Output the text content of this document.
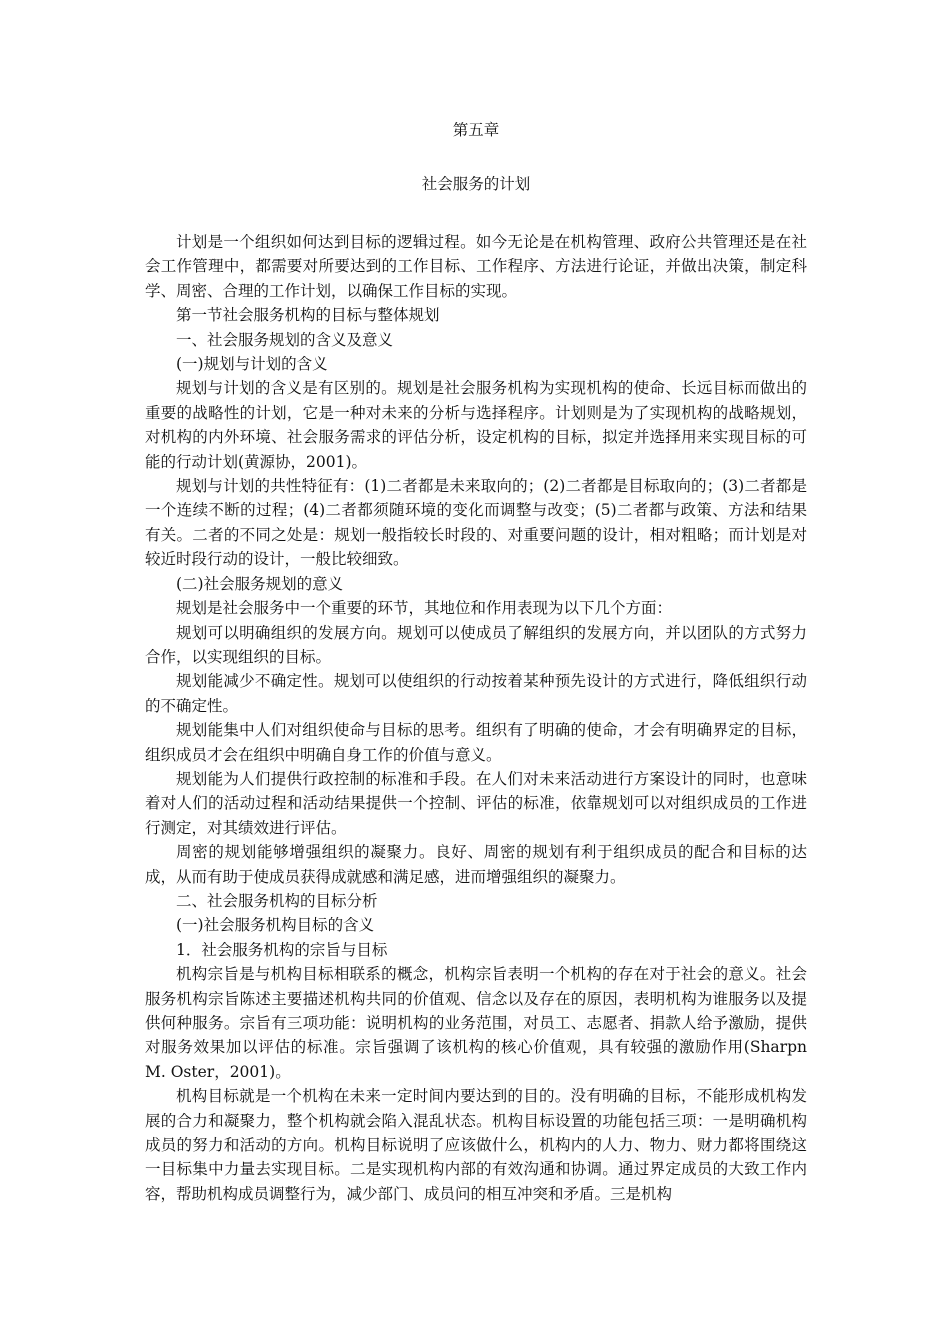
第五章

社会服务的计划

计划是一个组织如何达到目标的逻辑过程。如今无论是在机构管理、政府公共管理还是在社会工作管理中，都需要对所要达到的工作目标、工作程序、方法进行论证，并做出决策，制定科学、周密、合理的工作计划，以确保工作目标的实现。

第一节社会服务机构的目标与整体规划

一、社会服务规划的含义及意义

(一)规划与计划的含义

规划与计划的含义是有区别的。规划是社会服务机构为实现机构的使命、长远目标而做出的重要的战略性的计划，它是一种对未来的分析与选择程序。计划则是为了实现机构的战略规划，对机构的内外环境、社会服务需求的评估分析，设定机构的目标，拟定并选择用来实现目标的可能的行动计划(黄源协，2001)。

规划与计划的共性特征有：(1)二者都是未来取向的；(2)二者都是目标取向的；(3)二者都是一个连续不断的过程；(4)二者都须随环境的变化而调整与改变；(5)二者都与政策、方法和结果有关。二者的不同之处是：规划一般指较长时段的、对重要问题的设计，相对粗略；而计划是对较近时段行动的设计，一般比较细致。

(二)社会服务规划的意义

规划是社会服务中一个重要的环节，其地位和作用表现为以下几个方面：

规划可以明确组织的发展方向。规划可以使成员了解组织的发展方向，并以团队的方式努力合作，以实现组织的目标。

规划能减少不确定性。规划可以使组织的行动按着某种预先设计的方式进行，降低组织行动的不确定性。

规划能集中人们对组织使命与目标的思考。组织有了明确的使命，才会有明确界定的目标，组织成员才会在组织中明确自身工作的价值与意义。

规划能为人们提供行政控制的标准和手段。在人们对未来活动进行方案设计的同时，也意味着对人们的活动过程和活动结果提供一个控制、评估的标准，依靠规划可以对组织成员的工作进行测定，对其绩效进行评估。

周密的规划能够增强组织的凝聚力。良好、周密的规划有利于组织成员的配合和目标的达成，从而有助于使成员获得成就感和满足感，进而增强组织的凝聚力。

二、社会服务机构的目标分析

(一)社会服务机构目标的含义

1．社会服务机构的宗旨与目标

机构宗旨是与机构目标相联系的概念，机构宗旨表明一个机构的存在对于社会的意义。社会服务机构宗旨陈述主要描述机构共同的价值观、信念以及存在的原因，表明机构为谁服务以及提供何种服务。宗旨有三项功能：说明机构的业务范围，对员工、志愿者、捐款人给予激励，提供对服务效果加以评估的标准。宗旨强调了该机构的核心价值观，具有较强的激励作用(Sharpn M. Oster，2001)。

机构目标就是一个机构在未来一定时间内要达到的目的。没有明确的目标，不能形成机构发展的合力和凝聚力，整个机构就会陷入混乱状态。机构目标设置的功能包括三项：一是明确机构成员的努力和活动的方向。机构目标说明了应该做什么，机构内的人力、物力、财力都将围绕这一目标集中力量去实现目标。二是实现机构内部的有效沟通和协调。通过界定成员的大致工作内容，帮助机构成员调整行为，减少部门、成员问的相互冲突和矛盾。三是机构
